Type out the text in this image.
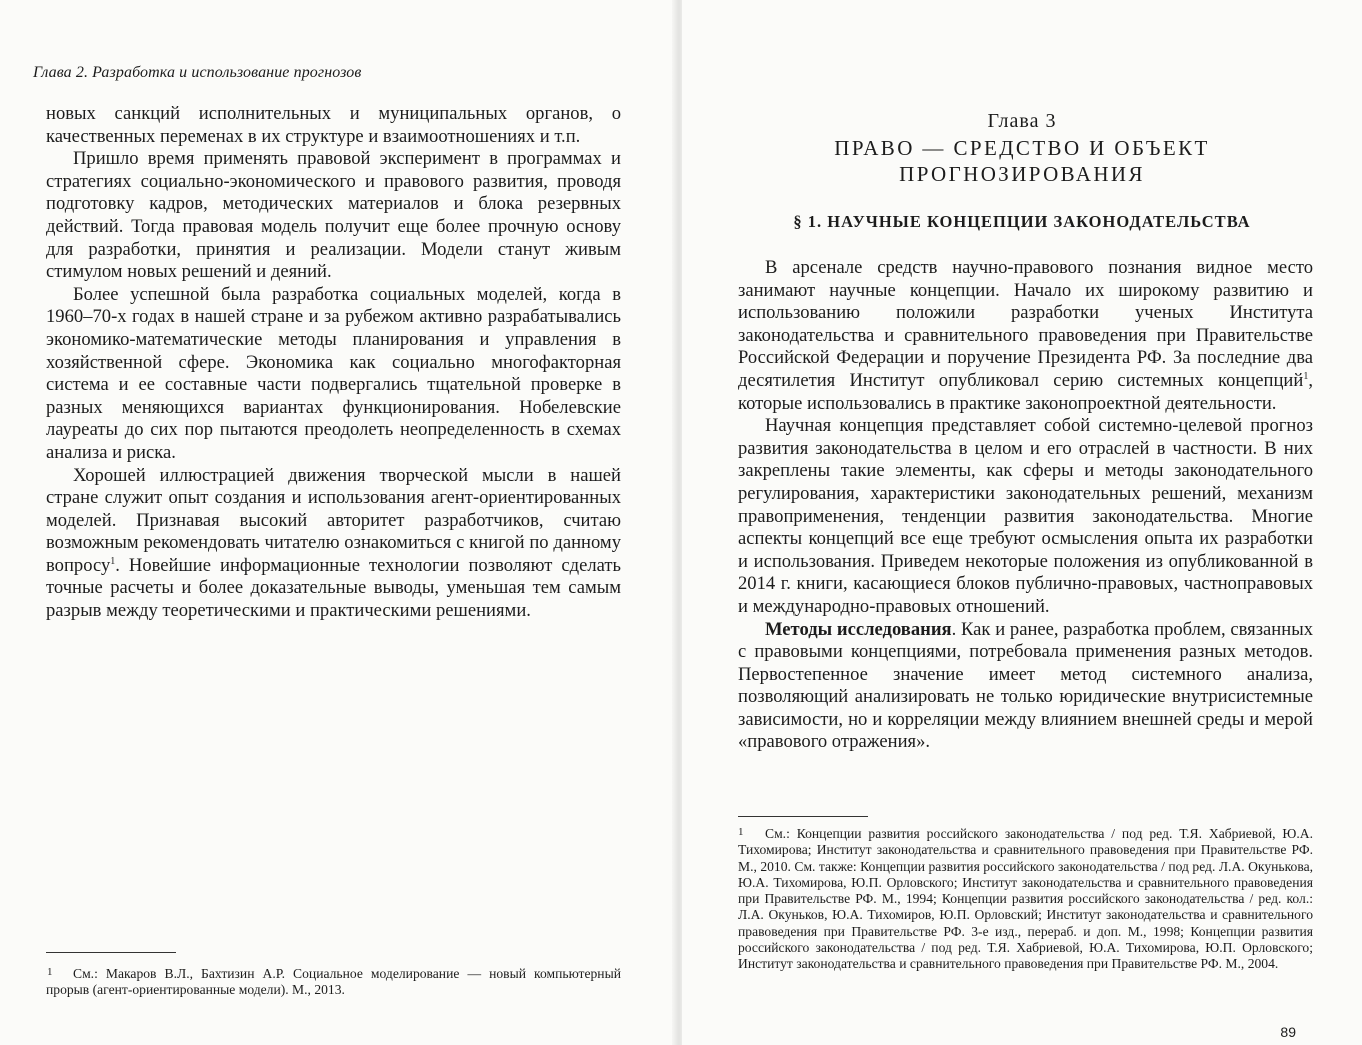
Глава 2. Разработка и использование прогнозов

новых санкций исполнительных и муниципальных органов, о качественных переменах в их структуре и взаимоотношениях и т.п.

Пришло время применять правовой эксперимент в программах и стратегиях социально-экономического и правового развития, проводя подготовку кадров, методических материалов и блока резервных действий. Тогда правовая модель получит еще более прочную основу для разработки, принятия и реализации. Модели станут живым стимулом новых решений и деяний.

Более успешной была разработка социальных моделей, когда в 1960–70-х годах в нашей стране и за рубежом активно разрабатывались экономико-математические методы планирования и управления в хозяйственной сфере. Экономика как социально многофакторная система и ее составные части подвергались тщательной проверке в разных меняющихся вариантах функционирования. Нобелевские лауреаты до сих пор пытаются преодолеть неопределенность в схемах анализа и риска.

Хорошей иллюстрацией движения творческой мысли в нашей стране служит опыт создания и использования агент-ориентированных моделей. Признавая высокий авторитет разработчиков, считаю возможным рекомендовать читателю ознакомиться с книгой по данному вопросу$^1$. Новейшие информационные технологии позволяют сделать точные расчеты и более доказательные выводы, уменьшая тем самым разрыв между теоретическими и практическими решениями.

1	См.: Макаров В.Л., Бахтизин А.Р. Социальное моделирование — новый компьютерный прорыв (агент-ориентированные модели). М., 2013.
Глава 3
ПРАВО — СРЕДСТВО И ОБЪЕКТ ПРОГНОЗИРОВАНИЯ
§ 1. НАУЧНЫЕ КОНЦЕПЦИИ ЗАКОНОДАТЕЛЬСТВА

В арсенале средств научно-правового познания видное место занимают научные концепции. Начало их широкому развитию и использованию положили разработки ученых Института законодательства и сравнительного правоведения при Правительстве Российской Федерации и поручение Президента РФ. За последние два десятилетия Институт опубликовал серию системных концепций$^1$, которые использовались в практике законопроектной деятельности.

Научная концепция представляет собой системно-целевой прогноз развития законодательства в целом и его отраслей в частности. В них закреплены такие элементы, как сферы и методы законодательного регулирования, характеристики законодательных решений, механизм правоприменения, тенденции развития законодательства. Многие аспекты концепций все еще требуют осмысления опыта их разработки и использования. Приведем некоторые положения из опубликованной в 2014 г. книги, касающиеся блоков публично-правовых, частноправовых и международно-правовых отношений.

Методы исследования. Как и ранее, разработка проблем, связанных с правовыми концепциями, потребовала применения разных методов. Первостепенное значение имеет метод системного анализа, позволяющий анализировать не только юридические внутрисистемные зависимости, но и корреляции между влиянием внешней среды и мерой «правового отражения».

1	См.: Концепции развития российского законодательства / под ред. Т.Я. Хабриевой, Ю.А. Тихомирова; Институт законодательства и сравнительного правоведения при Правительстве РФ. М., 2010. См. также: Концепции развития российского законодательства / под ред. Л.А. Окунькова, Ю.А. Тихомирова, Ю.П. Орловского; Институт законодательства и сравнительного правоведения при Правительстве РФ. М., 1994; Концепции развития российского законодательства / ред. кол.: Л.А. Окуньков, Ю.А. Тихомиров, Ю.П. Орловский; Институт законодательства и сравнительного правоведения при Правительстве РФ. 3-е изд., перераб. и доп. М., 1998; Концепции развития российского законодательства / под ред. Т.Я. Хабриевой, Ю.А. Тихомирова, Ю.П. Орловского; Институт законодательства и сравнительного правоведения при Правительстве РФ. М., 2004.
89
